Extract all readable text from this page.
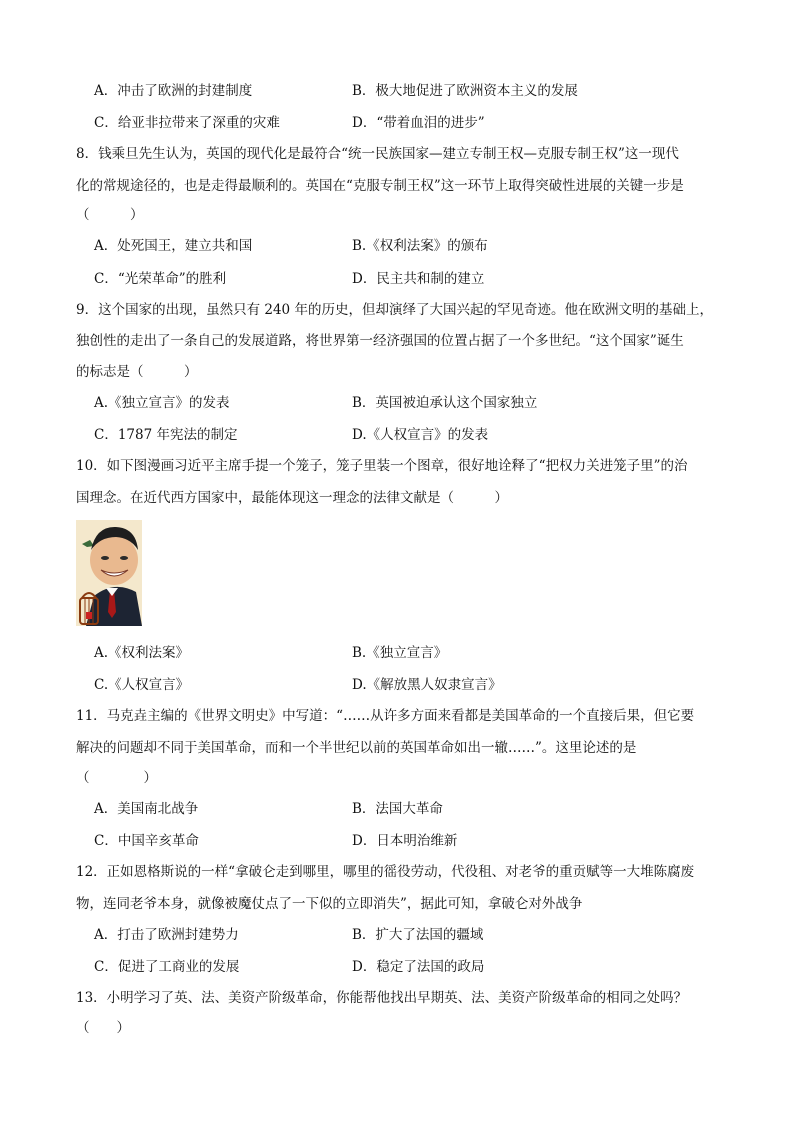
A．冲击了欧洲的封建制度	B．极大地促进了欧洲资本主义的发展
C．给亚非拉带来了深重的灾难	D．“带着血泪的进步”
8．钱乘旦先生认为，英国的现代化是最符合“统一民族国家—建立专制王权—克服专制王权”这一现代
化的常规途径的，也是走得最顺利的。英国在“克服专制王权”这一环节上取得突破性进展的关键一步是
（　　　）
A．处死国王，建立共和国	B.《权利法案》的颁布
C．“光荣革命”的胜利	D．民主共和制的建立
9．这个国家的出现，虽然只有 240 年的历史，但却演绎了大国兴起的罕见奇迹。他在欧洲文明的基础上，
独创性的走出了一条自己的发展道路，将世界第一经济强国的位置占据了一个多世纪。“这个国家”诞生
的标志是（　　　）
A.《独立宣言》的发表	B．英国被迫承认这个国家独立
C．1787 年宪法的制定	D.《人权宣言》的发表
10．如下图漫画习近平主席手提一个笼子，笼子里装一个图章，很好地诠释了“把权力关进笼子里”的治
国理念。在近代西方国家中，最能体现这一理念的法律文献是（　　　）
A.《权利法案》	B.《独立宣言》
C.《人权宣言》	D.《解放黑人奴隶宣言》
11．马克垚主编的《世界文明史》中写道：“……从许多方面来看都是美国革命的一个直接后果，但它要
解决的问题却不同于美国革命，而和一个半世纪以前的英国革命如出一辙……”。这里论述的是
（　　　　）
A．美国南北战争	B．法国大革命
C．中国辛亥革命	D．日本明治维新
12．正如恩格斯说的一样“拿破仑走到哪里，哪里的徭役劳动，代役租、对老爷的重贡赋等一大堆陈腐废
物，连同老爷本身，就像被魔仗点了一下似的立即消失”，据此可知，拿破仑对外战争
A．打击了欧洲封建势力	B．扩大了法国的疆域
C．促进了工商业的发展	D．稳定了法国的政局
13．小明学习了英、法、美资产阶级革命，你能帮他找出早期英、法、美资产阶级革命的相同之处吗？
（　　）
